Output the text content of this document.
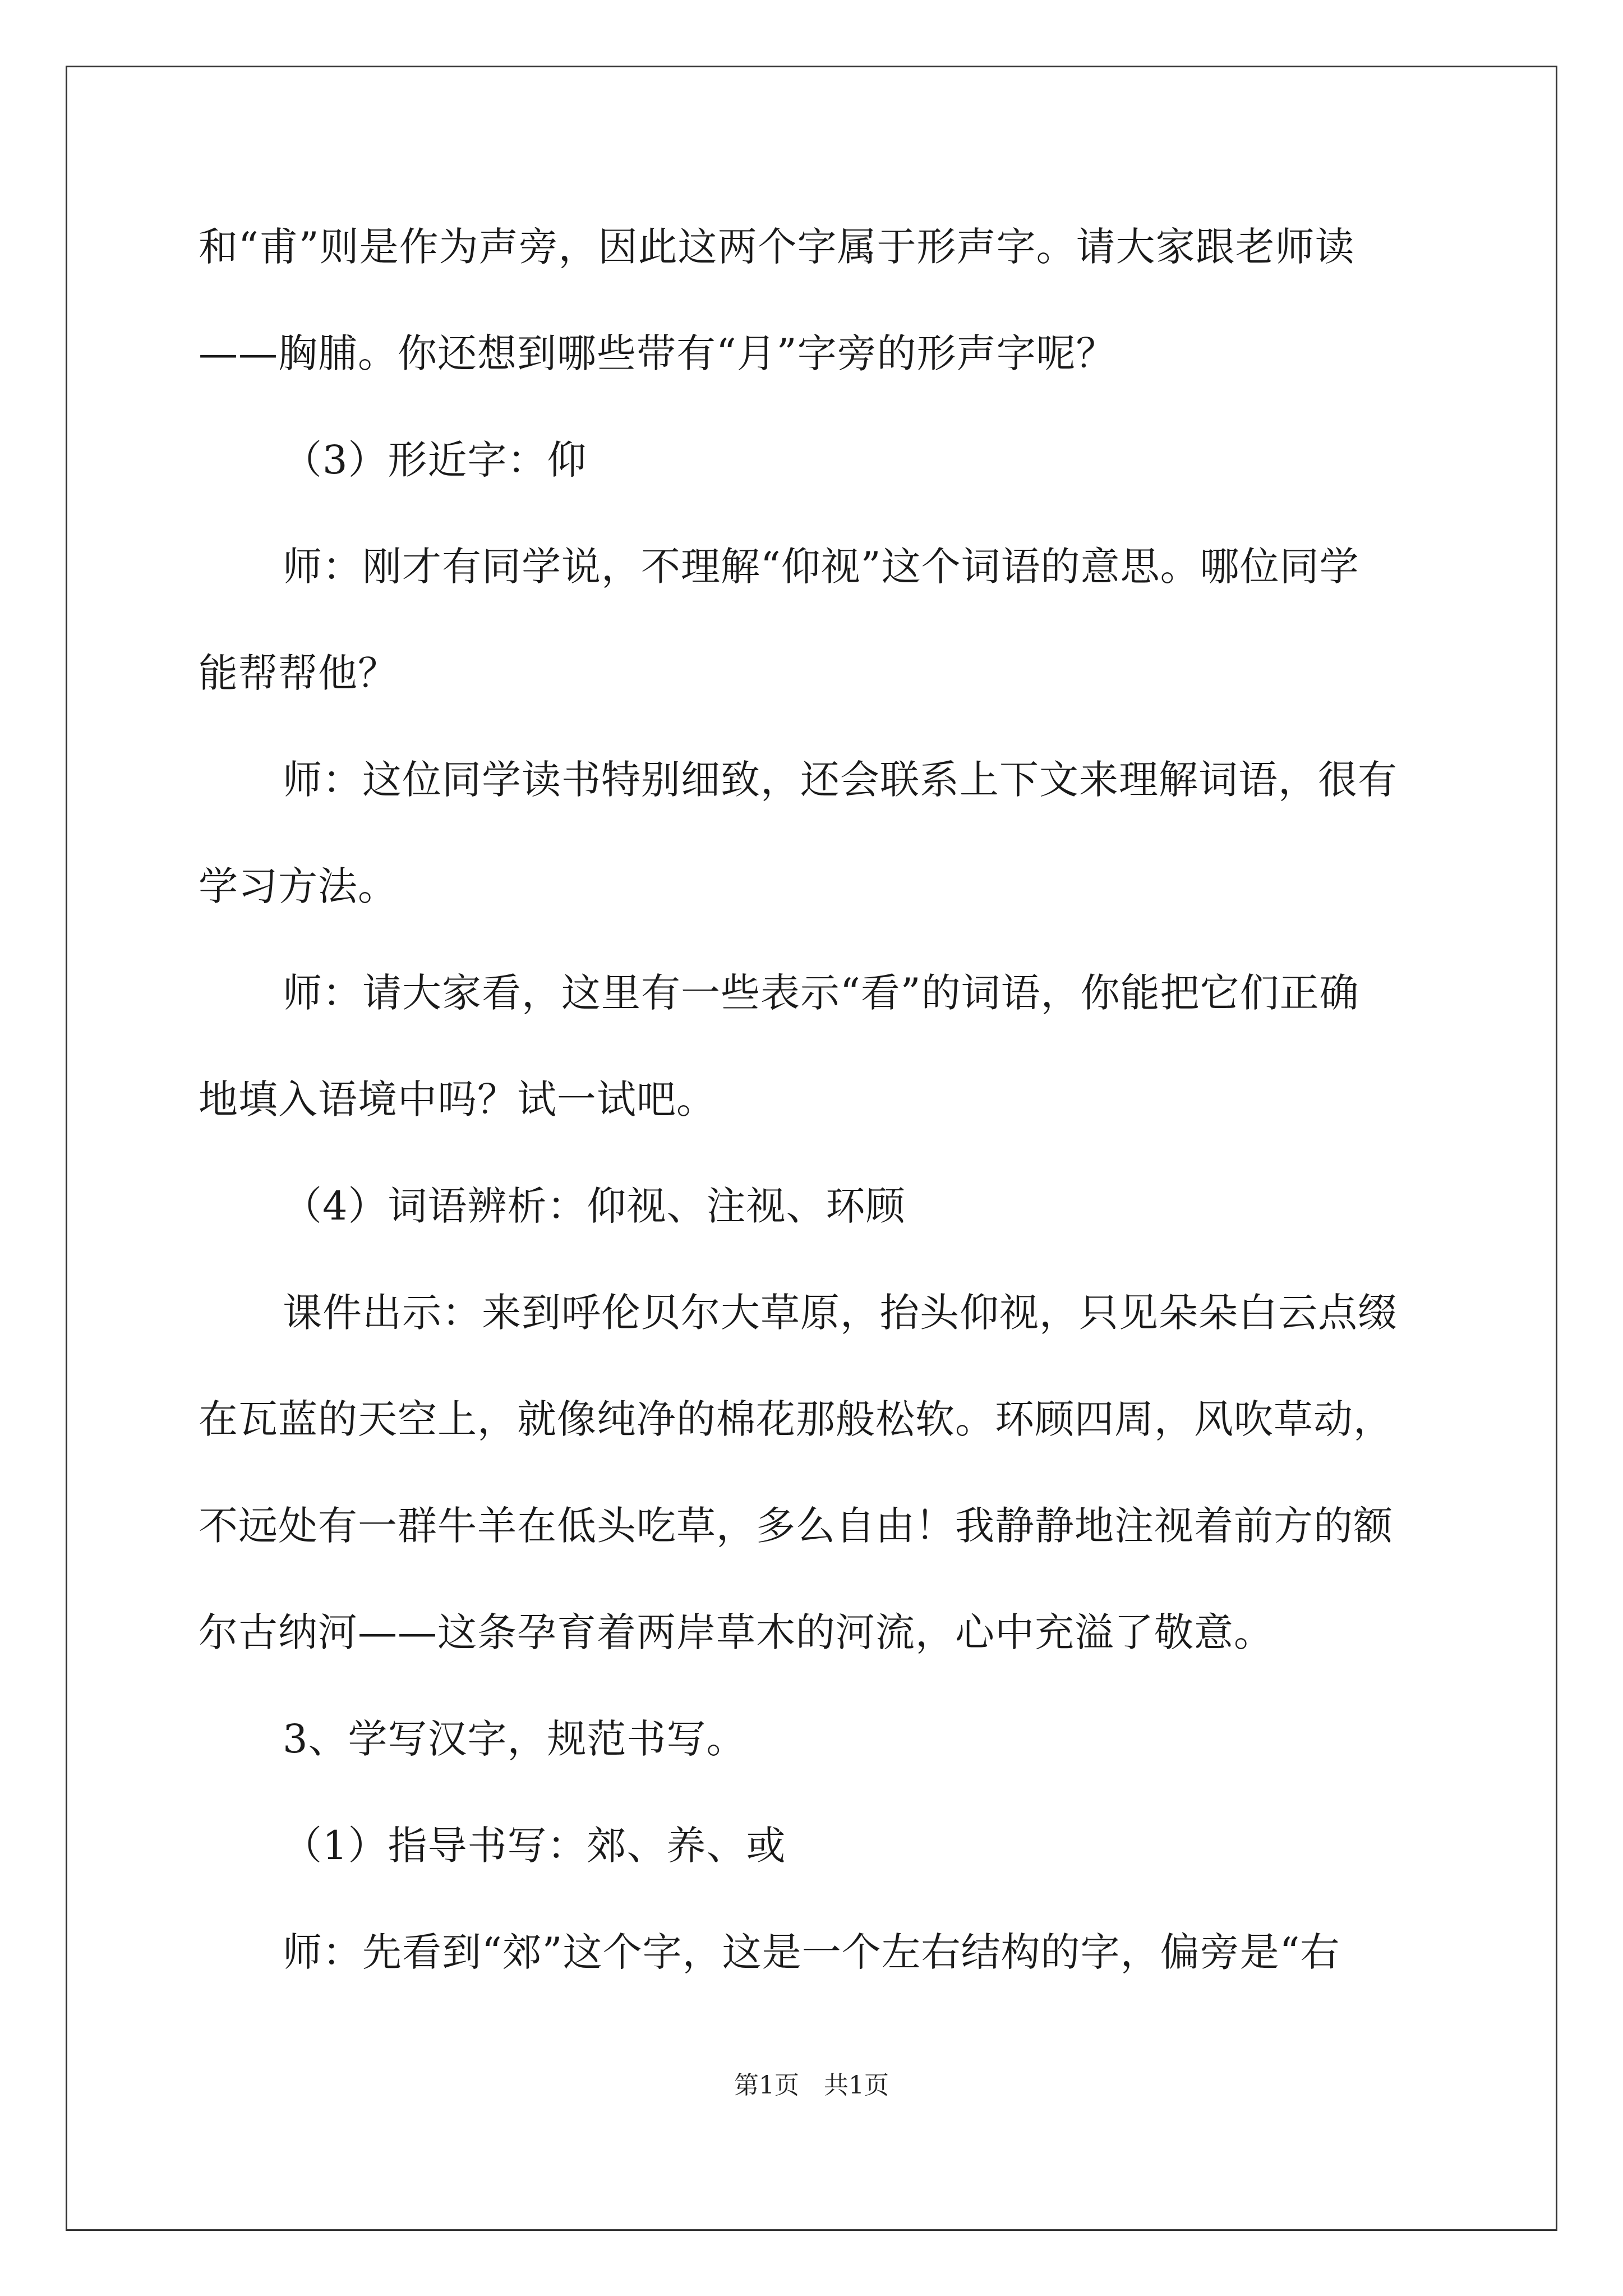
和“甫”则是作为声旁，因此这两个字属于形声字。请大家跟老师读
——胸脯。你还想到哪些带有“月”字旁的形声字呢？
（3）形近字：仰
师：刚才有同学说，不理解“仰视”这个词语的意思。哪位同学
能帮帮他？
师：这位同学读书特别细致，还会联系上下文来理解词语，很有
学习方法。
师：请大家看，这里有一些表示“看”的词语，你能把它们正确
地填入语境中吗？试一试吧。
（4）词语辨析：仰视、注视、环顾
课件出示：来到呼伦贝尔大草原，抬头仰视，只见朵朵白云点缀
在瓦蓝的天空上，就像纯净的棉花那般松软。环顾四周，风吹草动，
不远处有一群牛羊在低头吃草，多么自由！我静静地注视着前方的额
尔古纳河——这条孕育着两岸草木的河流，心中充溢了敬意。
3、学写汉字，规范书写。
（1）指导书写：郊、养、或
师：先看到“郊”这个字，这是一个左右结构的字，偏旁是“右
第1页　共1页
